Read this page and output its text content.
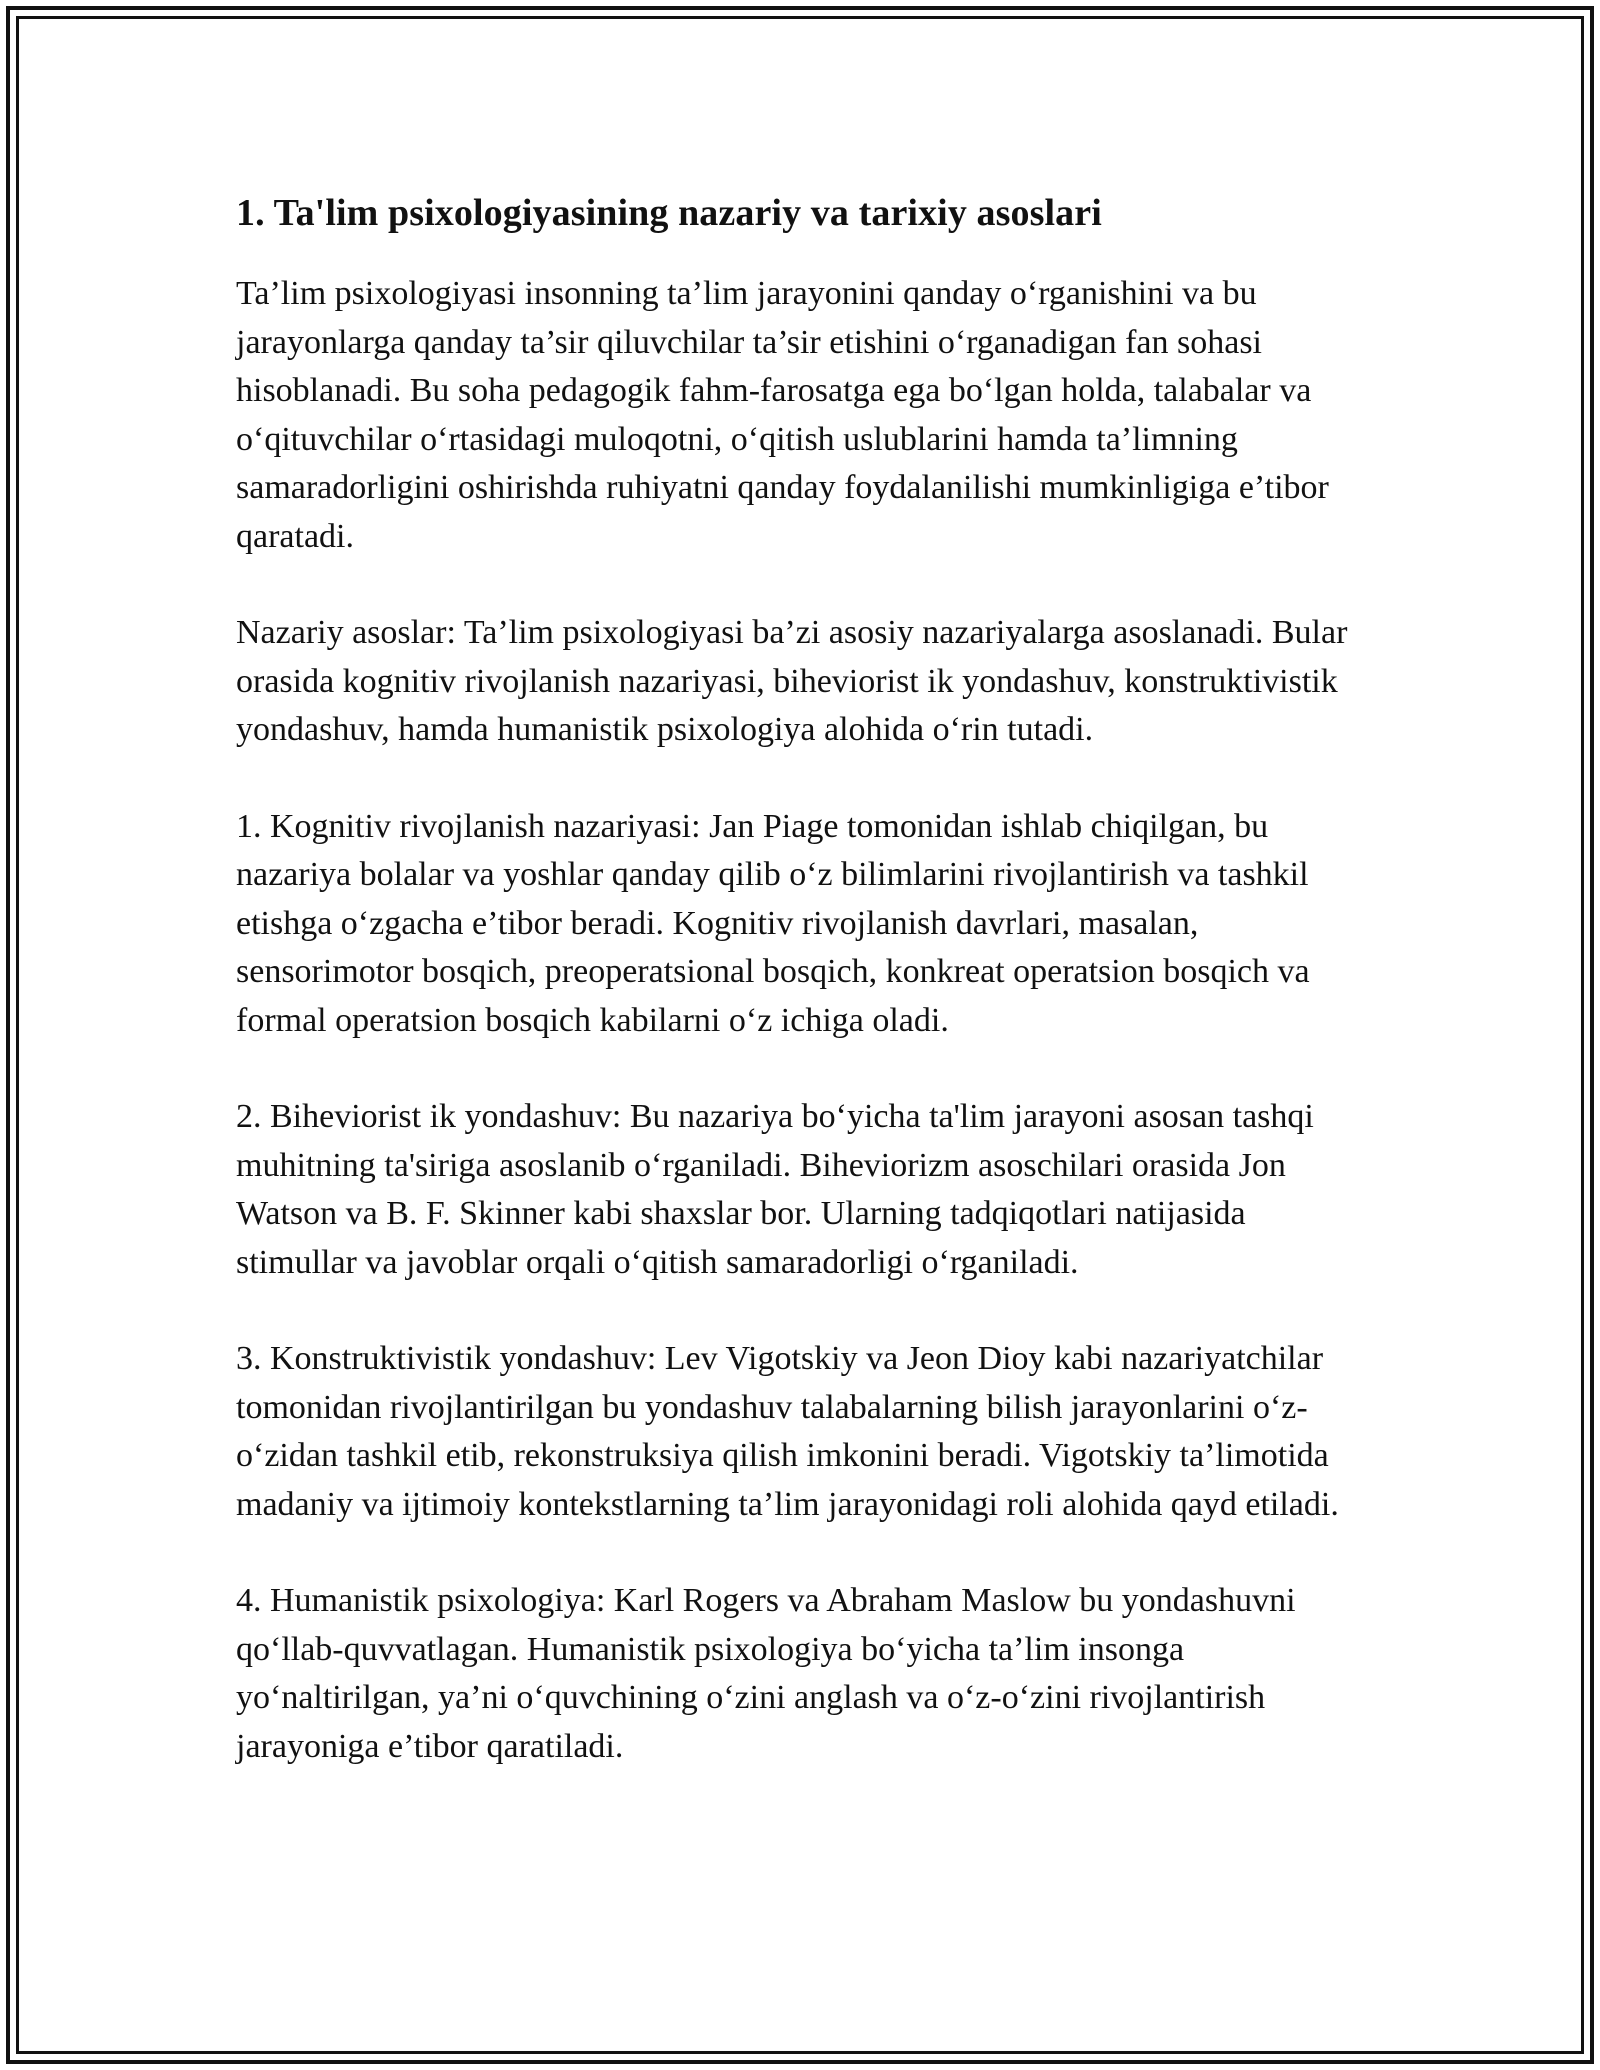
1. Ta'lim psixologiyasining nazariy va tarixiy asoslari

Ta’lim psixologiyasi insonning ta’lim jarayonini qanday o‘rganishini va bu jarayonlarga qanday ta’sir qiluvchilar ta’sir etishini o‘rganadigan fan sohasi hisoblanadi. Bu soha pedagogik fahm-farosatga ega bo‘lgan holda, talabalar va o‘qituvchilar o‘rtasidagi muloqotni, o‘qitish uslublarini hamda ta’limning samaradorligini oshirishda ruhiyatni qanday foydalanilishi mumkinligiga e’tibor qaratadi.

Nazariy asoslar: Ta’lim psixologiyasi ba’zi asosiy nazariyalarga asoslanadi. Bular orasida kognitiv rivojlanish nazariyasi, biheviorist ik yondashuv, konstruktivistik yondashuv, hamda humanistik psixologiya alohida o‘rin tutadi.

1. Kognitiv rivojlanish nazariyasi: Jan Piage tomonidan ishlab chiqilgan, bu nazariya bolalar va yoshlar qanday qilib o‘z bilimlarini rivojlantirish va tashkil etishga o‘zgacha e’tibor beradi. Kognitiv rivojlanish davrlari, masalan, sensorimotor bosqich, preoperatsional bosqich, konkreat operatsion bosqich va formal operatsion bosqich kabilarni o‘z ichiga oladi.

2. Biheviorist ik yondashuv: Bu nazariya bo‘yicha ta'lim jarayoni asosan tashqi muhitning ta'siriga asoslanib o‘rganiladi. Biheviorizm asoschilari orasida Jon Watson va B. F. Skinner kabi shaxslar bor. Ularning tadqiqotlari natijasida stimullar va javoblar orqali o‘qitish samaradorligi o‘rganiladi.

3. Konstruktivistik yondashuv: Lev Vigotskiy va Jeon Dioy kabi nazariyatchilar tomonidan rivojlantirilgan bu yondashuv talabalarning bilish jarayonlarini o‘z-o‘zidan tashkil etib, rekonstruksiya qilish imkonini beradi. Vigotskiy ta’limotida madaniy va ijtimoiy kontekstlarning ta’lim jarayonidagi roli alohida qayd etiladi.

4. Humanistik psixologiya: Karl Rogers va Abraham Maslow bu yondashuvni qo‘llab-quvvatlagan. Humanistik psixologiya bo‘yicha ta’lim insonga yo‘naltirilgan, ya’ni o‘quvchining o‘zini anglash va o‘z-o‘zini rivojlantirish jarayoniga e’tibor qaratiladi.
